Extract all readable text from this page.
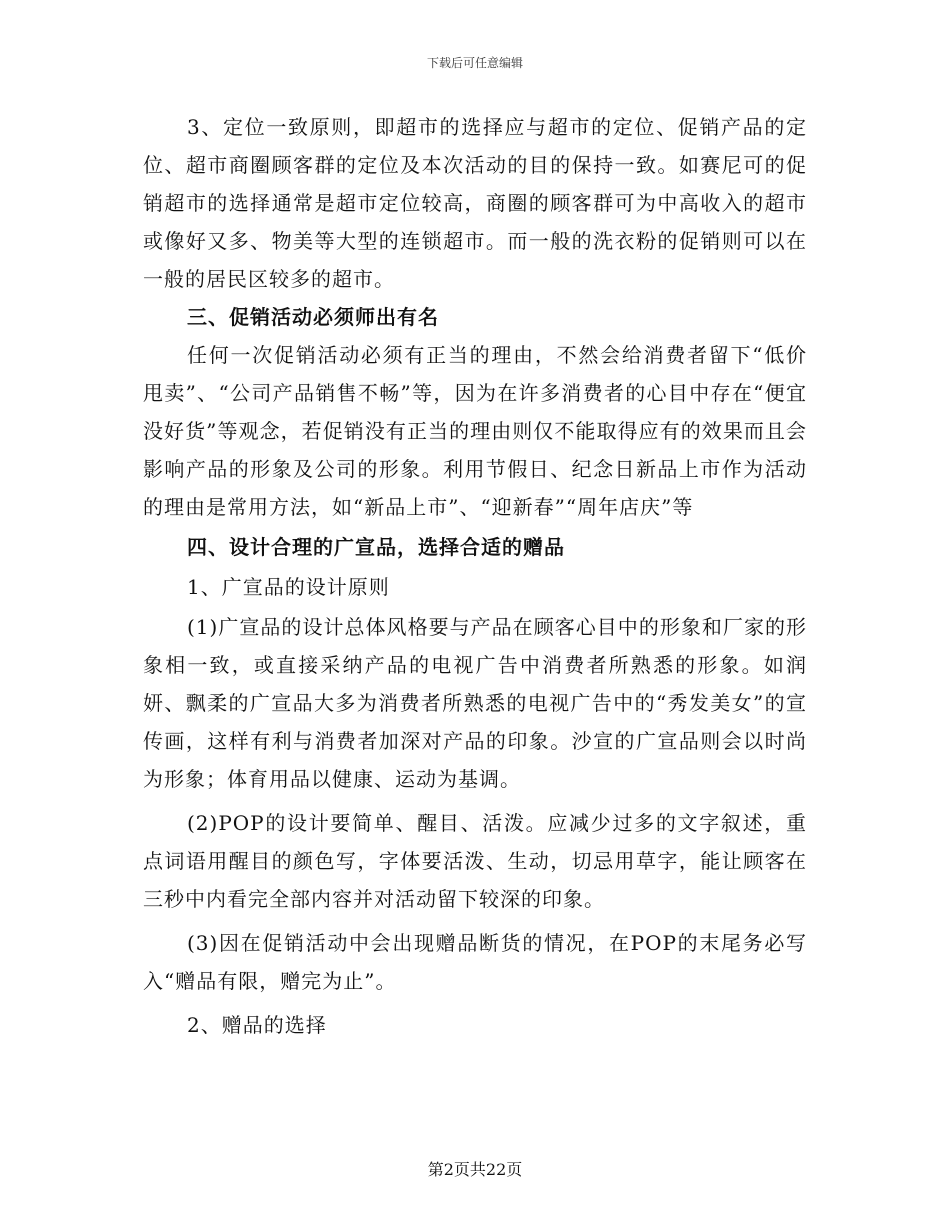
下载后可任意编辑

3、定位一致原则，即超市的选择应与超市的定位、促销产品的定位、超市商圈顾客群的定位及本次活动的目的保持一致。如赛尼可的促销超市的选择通常是超市定位较高，商圈的顾客群可为中高收入的超市或像好又多、物美等大型的连锁超市。而一般的洗衣粉的促销则可以在一般的居民区较多的超市。

三、促销活动必须师出有名

任何一次促销活动必须有正当的理由，不然会给消费者留下“低价甩卖”、“公司产品销售不畅”等，因为在许多消费者的心目中存在“便宜没好货”等观念，若促销没有正当的理由则仅不能取得应有的效果而且会影响产品的形象及公司的形象。利用节假日、纪念日新品上市作为活动的理由是常用方法，如“新品上市”、“迎新春”“周年店庆”等

四、设计合理的广宣品，选择合适的赠品

1、广宣品的设计原则

(1)广宣品的设计总体风格要与产品在顾客心目中的形象和厂家的形象相一致，或直接采纳产品的电视广告中消费者所熟悉的形象。如润妍、飘柔的广宣品大多为消费者所熟悉的电视广告中的“秀发美女”的宣传画，这样有利与消费者加深对产品的印象。沙宣的广宣品则会以时尚为形象；体育用品以健康、运动为基调。

(2)POP的设计要简单、醒目、活泼。应减少过多的文字叙述，重点词语用醒目的颜色写，字体要活泼、生动，切忌用草字，能让顾客在三秒中内看完全部内容并对活动留下较深的印象。

(3)因在促销活动中会出现赠品断货的情况，在POP的末尾务必写入“赠品有限，赠完为止”。

2、赠品的选择

第2页共22页
